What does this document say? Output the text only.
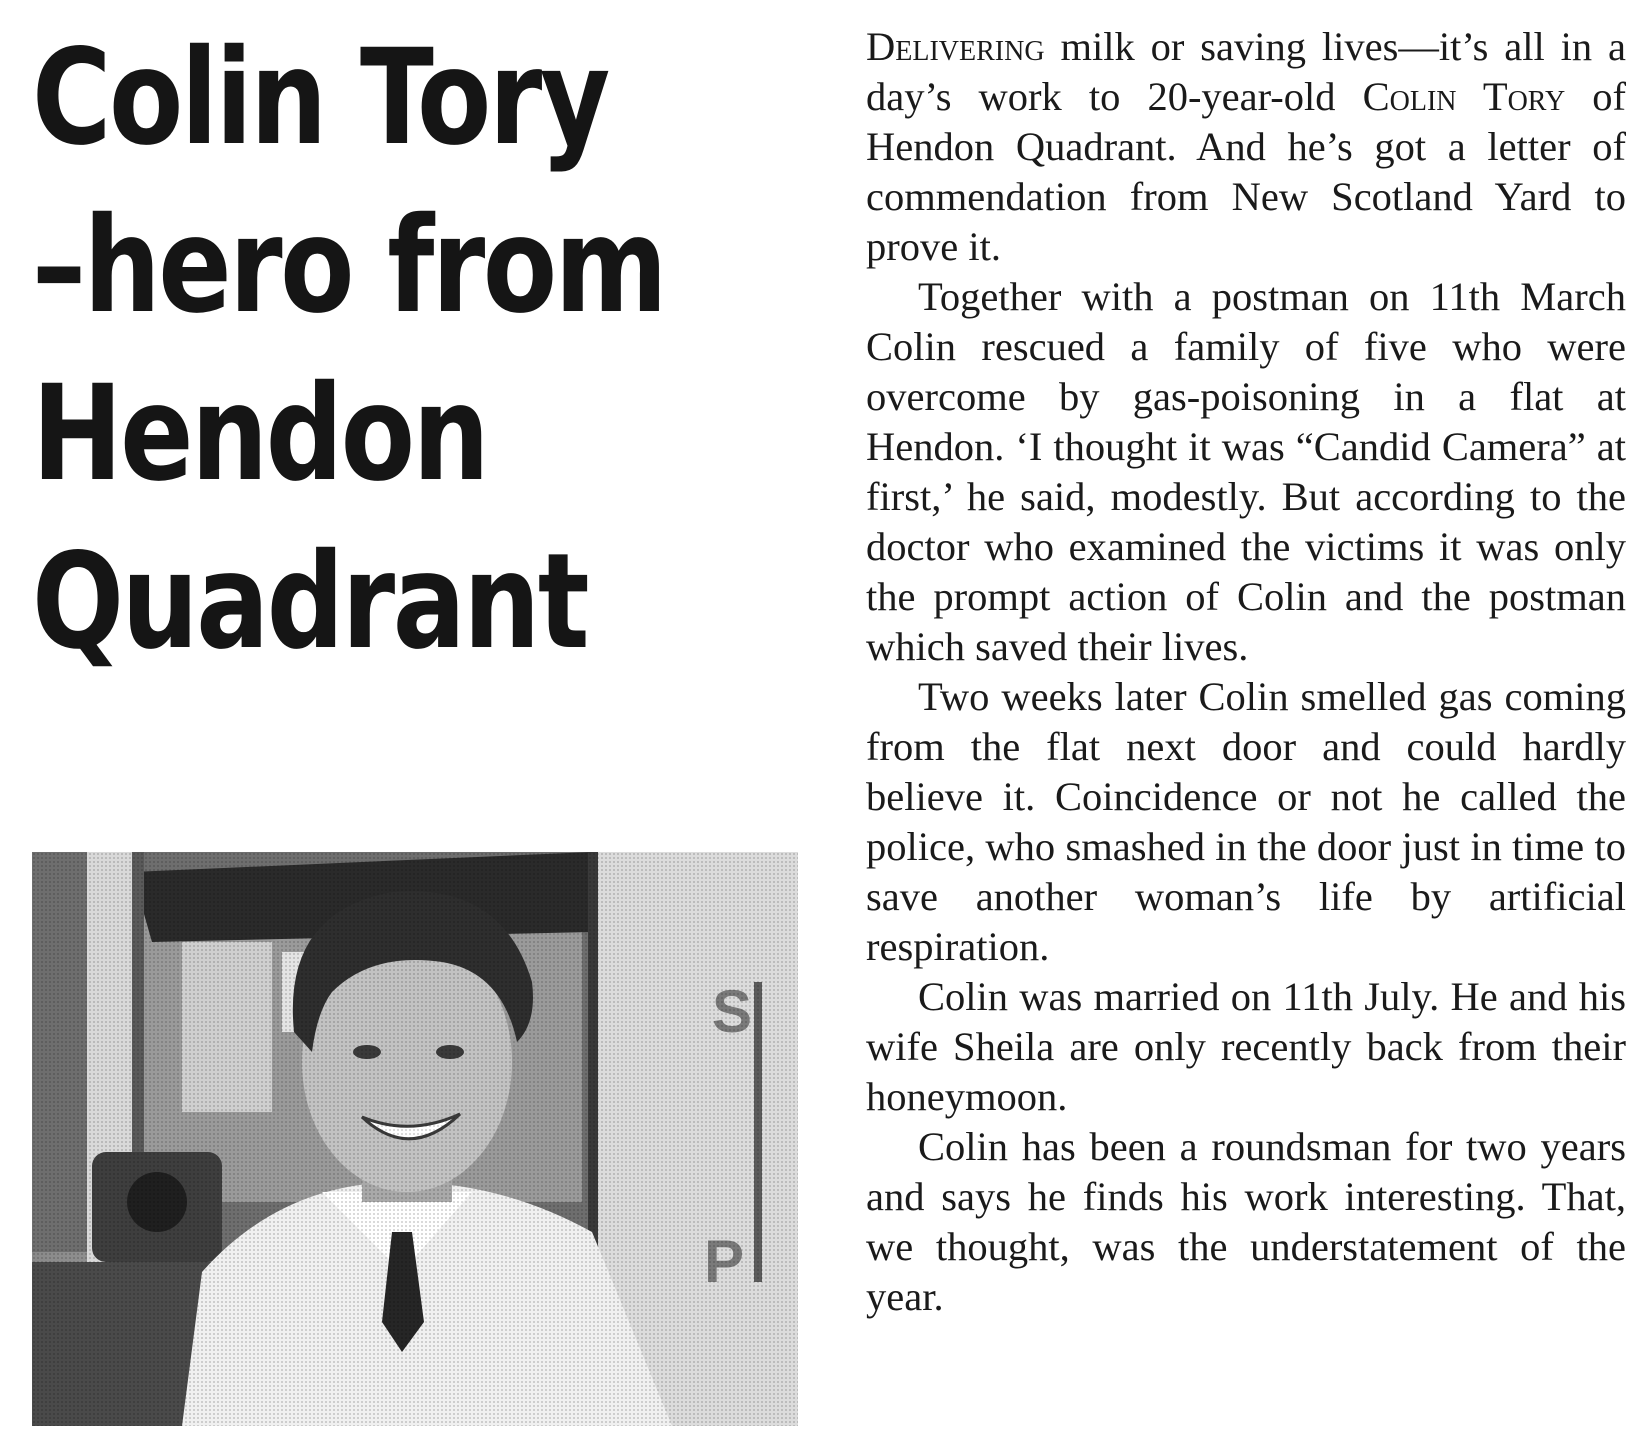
Colin Tory
–hero from
Hendon
Quadrant

Delivering milk or saving lives—it’s all in a day’s work to 20-year-old Colin Tory of Hendon Quadrant. And he’s got a letter of commendation from New Scotland Yard to prove it.

Together with a postman on 11th March Colin rescued a family of five who were overcome by gas-poisoning in a flat at Hendon. ‘I thought it was “Candid Camera” at first,’ he said, modestly. But according to the doctor who examined the victims it was only the prompt action of Colin and the postman which saved their lives.

Two weeks later Colin smelled gas coming from the flat next door and could hardly believe it. Coincidence or not he called the police, who smashed in the door just in time to save another woman’s life by artificial respiration.

Colin was married on 11th July. He and his wife Sheila are only recently back from their honeymoon.

Colin has been a roundsman for two years and says he finds his work interesting. That, we thought, was the understatement of the year.
